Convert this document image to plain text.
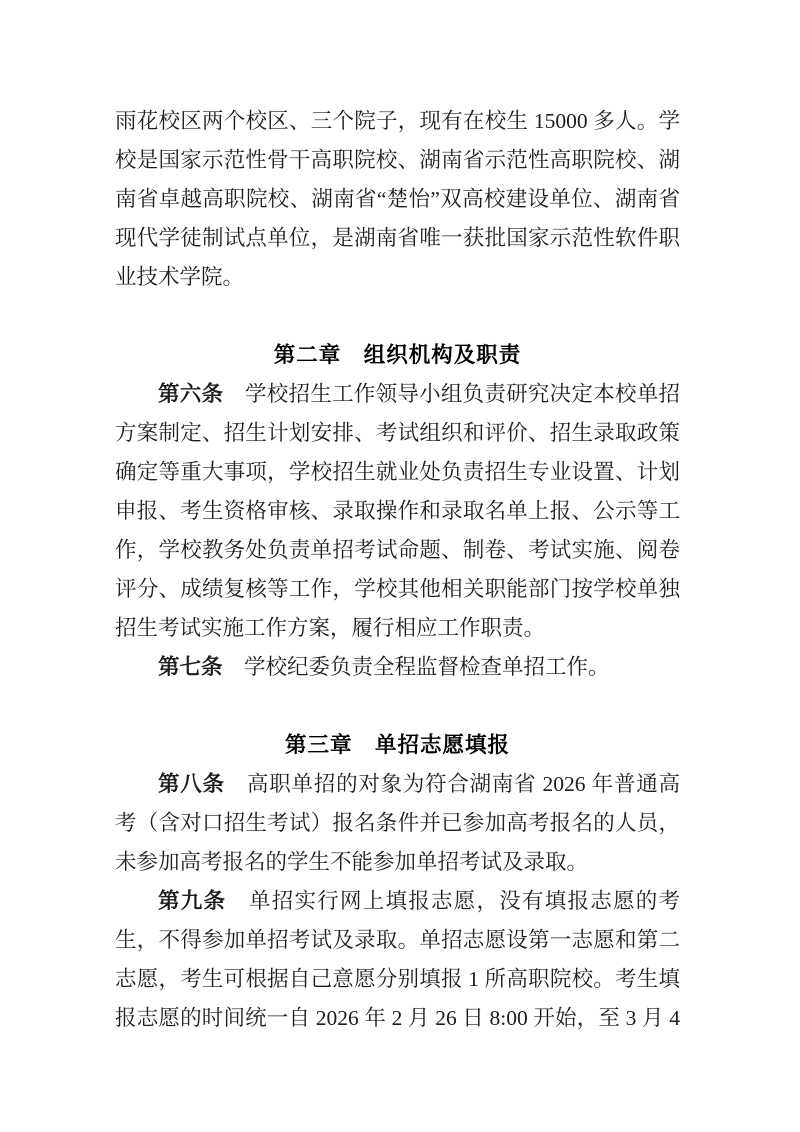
雨花校区两个校区、三个院子，现有在校生 15000 多人。学校是国家示范性骨干高职院校、湖南省示范性高职院校、湖南省卓越高职院校、湖南省“楚怡”双高校建设单位、湖南省现代学徒制试点单位，是湖南省唯一获批国家示范性软件职业技术学院。

第二章　组织机构及职责

第六条　学校招生工作领导小组负责研究决定本校单招方案制定、招生计划安排、考试组织和评价、招生录取政策确定等重大事项，学校招生就业处负责招生专业设置、计划申报、考生资格审核、录取操作和录取名单上报、公示等工作，学校教务处负责单招考试命题、制卷、考试实施、阅卷评分、成绩复核等工作，学校其他相关职能部门按学校单独招生考试实施工作方案，履行相应工作职责。

第七条　学校纪委负责全程监督检查单招工作。

第三章　单招志愿填报

第八条　高职单招的对象为符合湖南省 2026 年普通高考（含对口招生考试）报名条件并已参加高考报名的人员，未参加高考报名的学生不能参加单招考试及录取。

第九条　单招实行网上填报志愿，没有填报志愿的考生，不得参加单招考试及录取。单招志愿设第一志愿和第二志愿，考生可根据自己意愿分别填报 1 所高职院校。考生填报志愿的时间统一自 2026 年 2 月 26 日 8:00 开始，至 3 月 4
